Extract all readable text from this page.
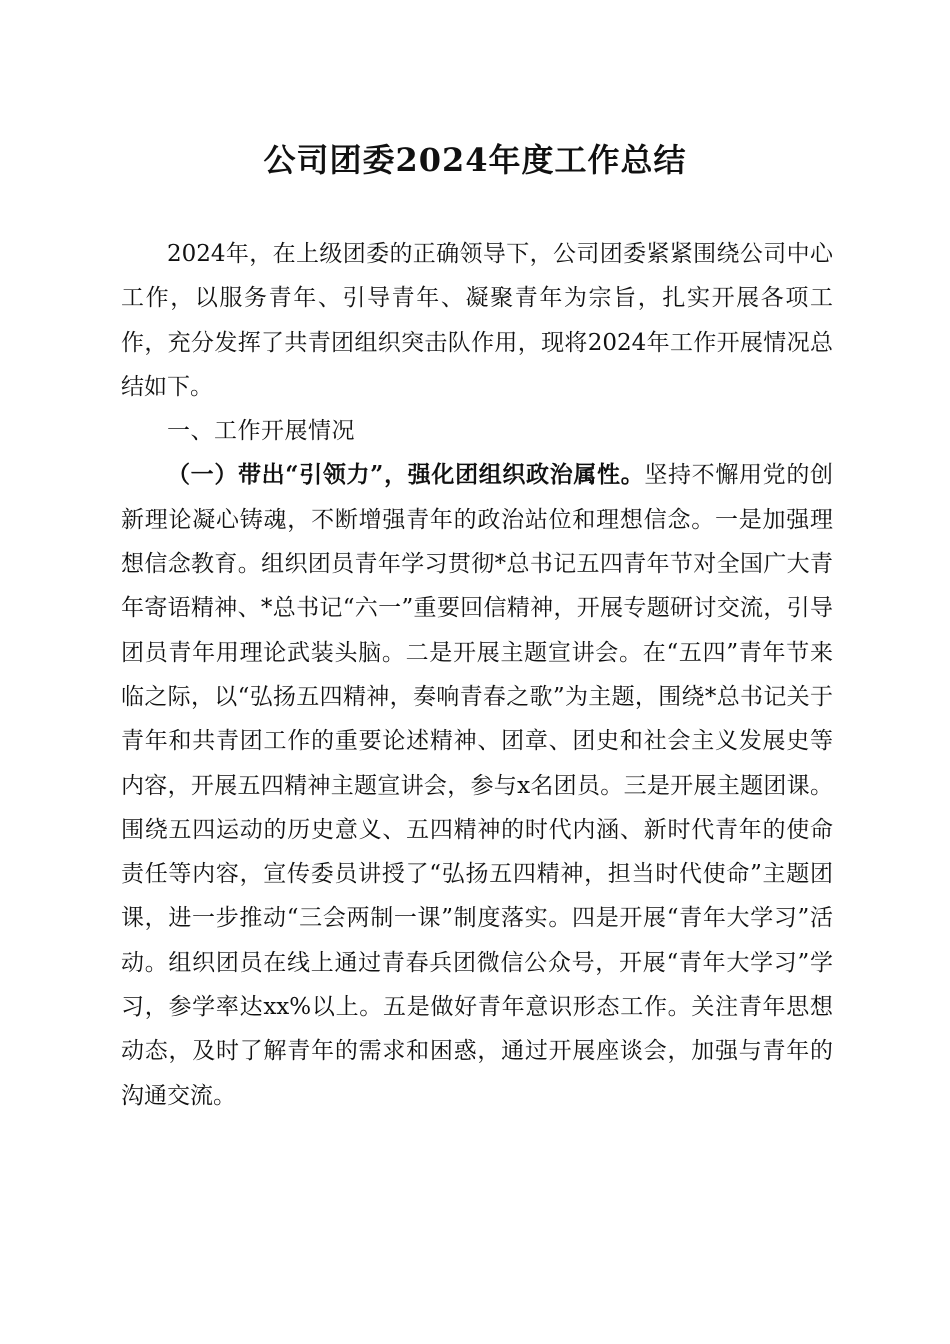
公司团委2024年度工作总结

2024年，在上级团委的正确领导下，公司团委紧紧围绕公司中心工作，以服务青年、引导青年、凝聚青年为宗旨，扎实开展各项工作，充分发挥了共青团组织突击队作用，现将2024年工作开展情况总结如下。

一、工作开展情况

（一）带出“引领力”，强化团组织政治属性。坚持不懈用党的创新理论凝心铸魂，不断增强青年的政治站位和理想信念。一是加强理想信念教育。组织团员青年学习贯彻*总书记五四青年节对全国广大青年寄语精神、*总书记“六一”重要回信精神，开展专题研讨交流，引导团员青年用理论武装头脑。二是开展主题宣讲会。在“五四”青年节来临之际，以“弘扬五四精神，奏响青春之歌”为主题，围绕*总书记关于青年和共青团工作的重要论述精神、团章、团史和社会主义发展史等内容，开展五四精神主题宣讲会，参与x名团员。三是开展主题团课。围绕五四运动的历史意义、五四精神的时代内涵、新时代青年的使命责任等内容，宣传委员讲授了“弘扬五四精神，担当时代使命”主题团课，进一步推动“三会两制一课”制度落实。四是开展“青年大学习”活动。组织团员在线上通过青春兵团微信公众号，开展“青年大学习”学习，参学率达xx%以上。五是做好青年意识形态工作。关注青年思想动态，及时了解青年的需求和困惑，通过开展座谈会，加强与青年的沟通交流。
